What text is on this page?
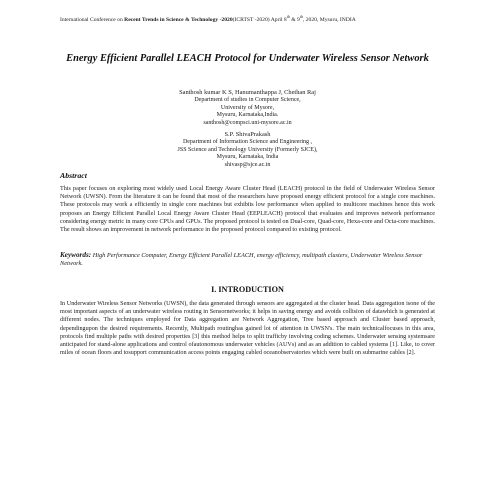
International Conference on Recent Trends in Science & Technology -2020(ICRTST -2020) April 8th & 9th, 2020, Mysuru, INDIA
Energy Efficient Parallel LEACH Protocol for Underwater Wireless Sensor Network
Santhosh kumar K S, Hanumanthappa J, Chethan Raj
Department of studies in Computer Science,
University of Mysore,
Mysuru, Karnataka,India.
santhosh@compsci.uni-mysore.ac.in
S.P. ShivaPrakash
Department of Information Science and Engineering ,
JSS Science and Technology University (Formerly SJCE),
Mysuru, Karnataka, India
shivasp@sjce.ac.in
Abstract
This paper focuses on exploring most widely used Local Energy Aware Cluster Head (LEACH) protocol in the field of Underwater Wireless Sensor Network (UWSN). From the literature it can be found that most of the researchers have proposed energy efficient protocol for a single core machines. These protocols may work a efficiently in single core machines but exhibits low performance when applied to multicore machines hence this work proposes an Energy Efficient Parallel Local Energy Aware Cluster Head (EEPLEACH) protocol that evaluates and improves network performance considering energy metric in many core CPUs and GPUs. The proposed protocol is tested on Dual-core, Quad-core, Hexa-core and Octa-core machines. The result shows an improvement in network performance in the proposed protocol compared to existing protocol.
Keywords: High Performance Computer, Energy Efficient Parallel LEACH, energy efficiency, multipath clusters, Underwater Wireless Sensor Network.
I. INTRODUCTION
In Underwater Wireless Sensor Networks (UWSN), the data generated through sensors are aggregated at the cluster head. Data aggregation isone of the most important aspects of an underwater wireless routing in Sensornetworks; it helps in saving energy and avoids collision of datawhich is generated at different nodes. The techniques employed for Data aggregation are Network Aggregation, Tree based approach and Cluster based approach, dependingupon the desired requirements. Recently, Multipath routinghas gained lot of attention in UWSN's. The main technicalfocuses in this area, protocols find multiple paths with desired properties [3] this method helps to split trafficby involving coding schemes. Underwater sensing systemsare anticipated for stand-alone applications and control ofautonomous underwater vehicles (AUVs) and as an addition to cabled systems [1]. Like, to cover miles of ocean floors and tosupport communication access points engaging cabled oceanobservatories which were built on submarine cables [2].
